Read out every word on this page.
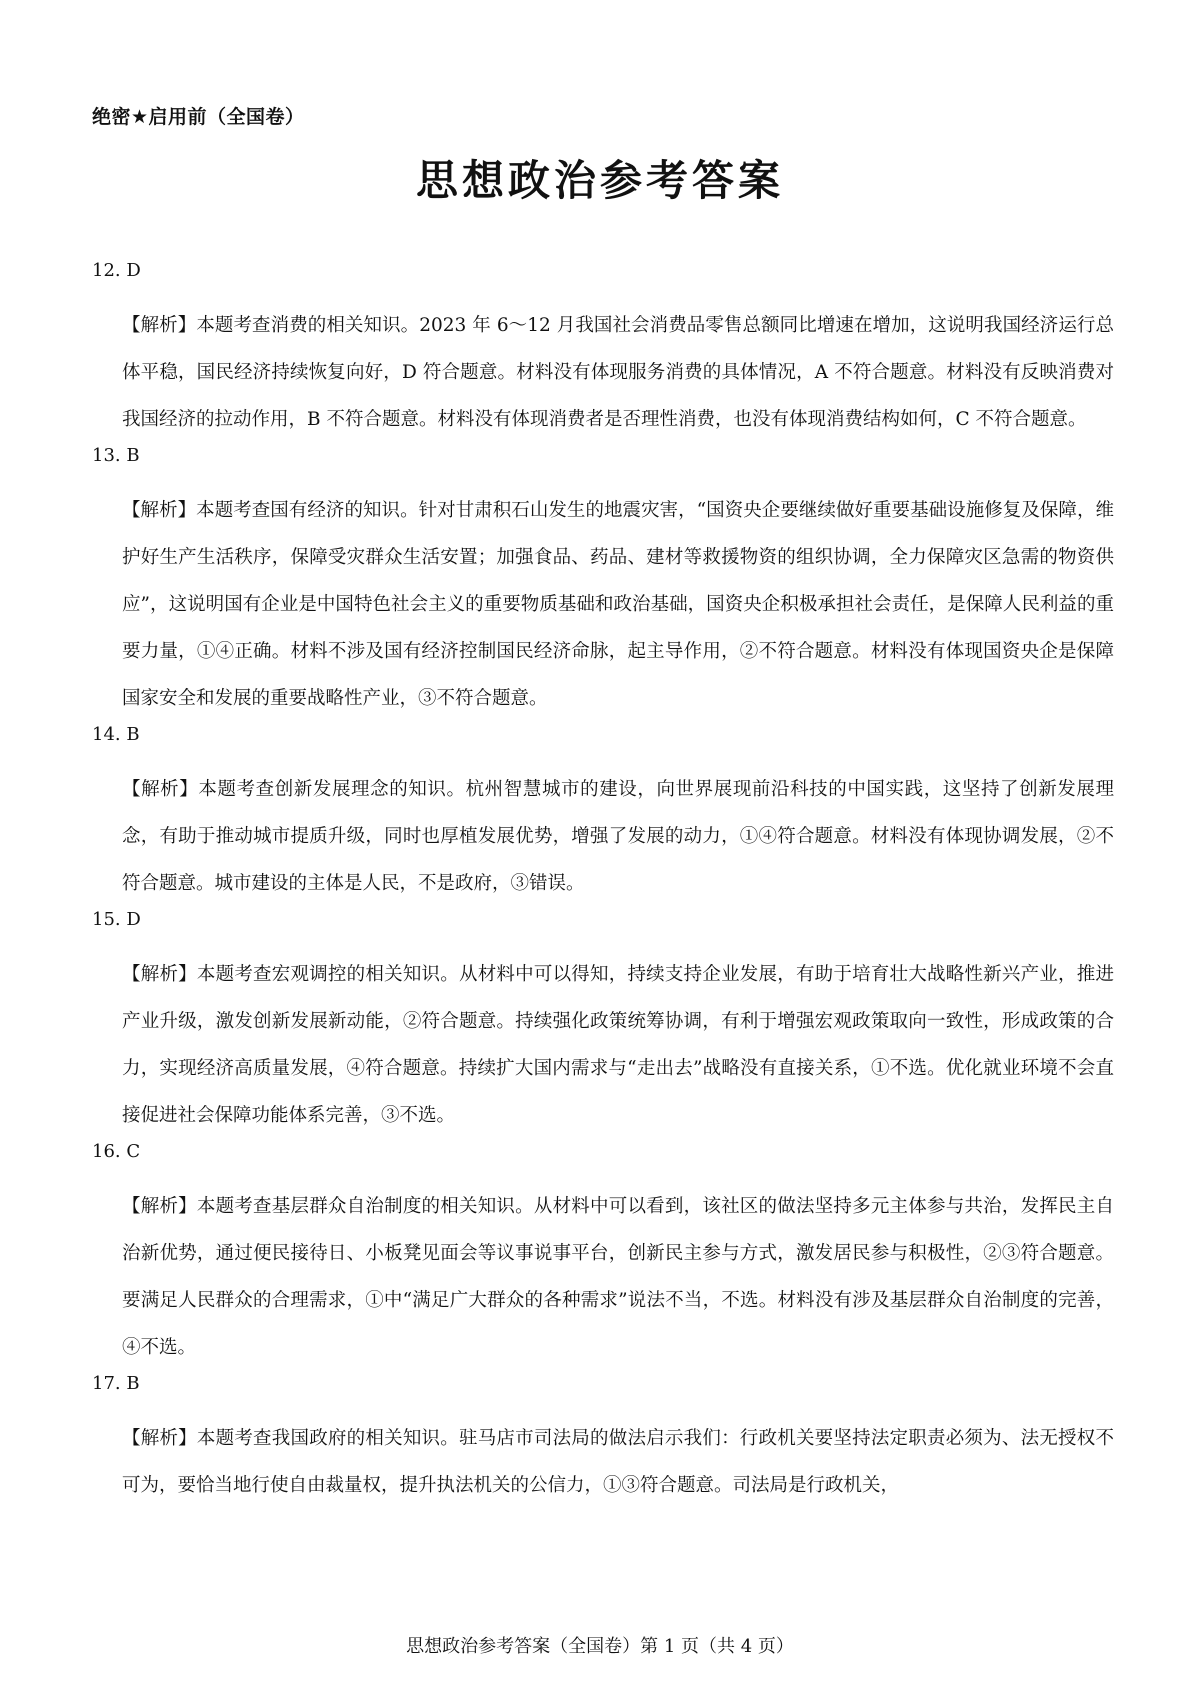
绝密★启用前（全国卷）
思想政治参考答案
12. D
【解析】本题考查消费的相关知识。2023 年 6～12 月我国社会消费品零售总额同比增速在增加，这说明我国经济运行总体平稳，国民经济持续恢复向好，D 符合题意。材料没有体现服务消费的具体情况，A 不符合题意。材料没有反映消费对我国经济的拉动作用，B 不符合题意。材料没有体现消费者是否理性消费，也没有体现消费结构如何，C 不符合题意。
13. B
【解析】本题考查国有经济的知识。针对甘肃积石山发生的地震灾害，“国资央企要继续做好重要基础设施修复及保障，维护好生产生活秩序，保障受灾群众生活安置；加强食品、药品、建材等救援物资的组织协调，全力保障灾区急需的物资供应”，这说明国有企业是中国特色社会主义的重要物质基础和政治基础，国资央企积极承担社会责任，是保障人民利益的重要力量，①④正确。材料不涉及国有经济控制国民经济命脉，起主导作用，②不符合题意。材料没有体现国资央企是保障国家安全和发展的重要战略性产业，③不符合题意。
14. B
【解析】本题考查创新发展理念的知识。杭州智慧城市的建设，向世界展现前沿科技的中国实践，这坚持了创新发展理念，有助于推动城市提质升级，同时也厚植发展优势，增强了发展的动力，①④符合题意。材料没有体现协调发展，②不符合题意。城市建设的主体是人民，不是政府，③错误。
15. D
【解析】本题考查宏观调控的相关知识。从材料中可以得知，持续支持企业发展，有助于培育壮大战略性新兴产业，推进产业升级，激发创新发展新动能，②符合题意。持续强化政策统筹协调，有利于增强宏观政策取向一致性，形成政策的合力，实现经济高质量发展，④符合题意。持续扩大国内需求与“走出去”战略没有直接关系，①不选。优化就业环境不会直接促进社会保障功能体系完善，③不选。
16. C
【解析】本题考查基层群众自治制度的相关知识。从材料中可以看到，该社区的做法坚持多元主体参与共治，发挥民主自治新优势，通过便民接待日、小板凳见面会等议事说事平台，创新民主参与方式，激发居民参与积极性，②③符合题意。要满足人民群众的合理需求，①中“满足广大群众的各种需求”说法不当，不选。材料没有涉及基层群众自治制度的完善，④不选。
17. B
【解析】本题考查我国政府的相关知识。驻马店市司法局的做法启示我们：行政机关要坚持法定职责必须为、法无授权不可为，要恰当地行使自由裁量权，提升执法机关的公信力，①③符合题意。司法局是行政机关，
思想政治参考答案（全国卷）第 1 页（共 4 页）
